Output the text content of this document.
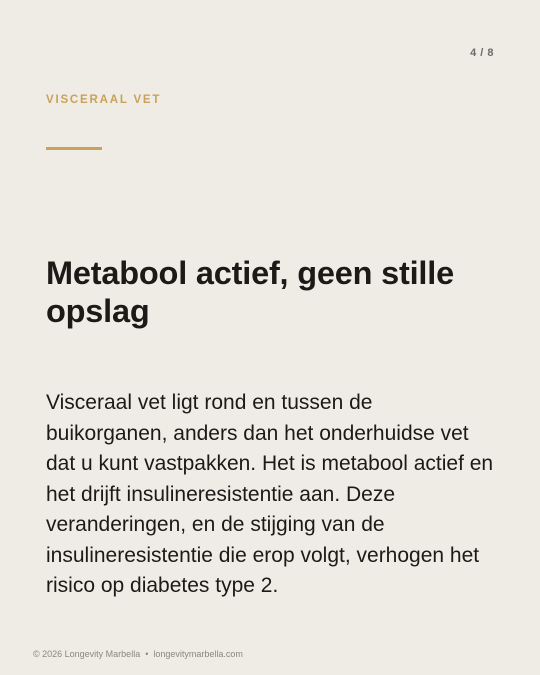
4 / 8
VISCERAAL VET
Metabool actief, geen stille opslag

Visceraal vet ligt rond en tussen de buikorganen, anders dan het onderhuidse vet dat u kunt vastpakken. Het is metabool actief en het drijft insulineresistentie aan. Deze veranderingen, en de stijging van de insulineresistentie die erop volgt, verhogen het risico op diabetes type 2.

© 2026 Longevity Marbella • longevitymarbella.com
